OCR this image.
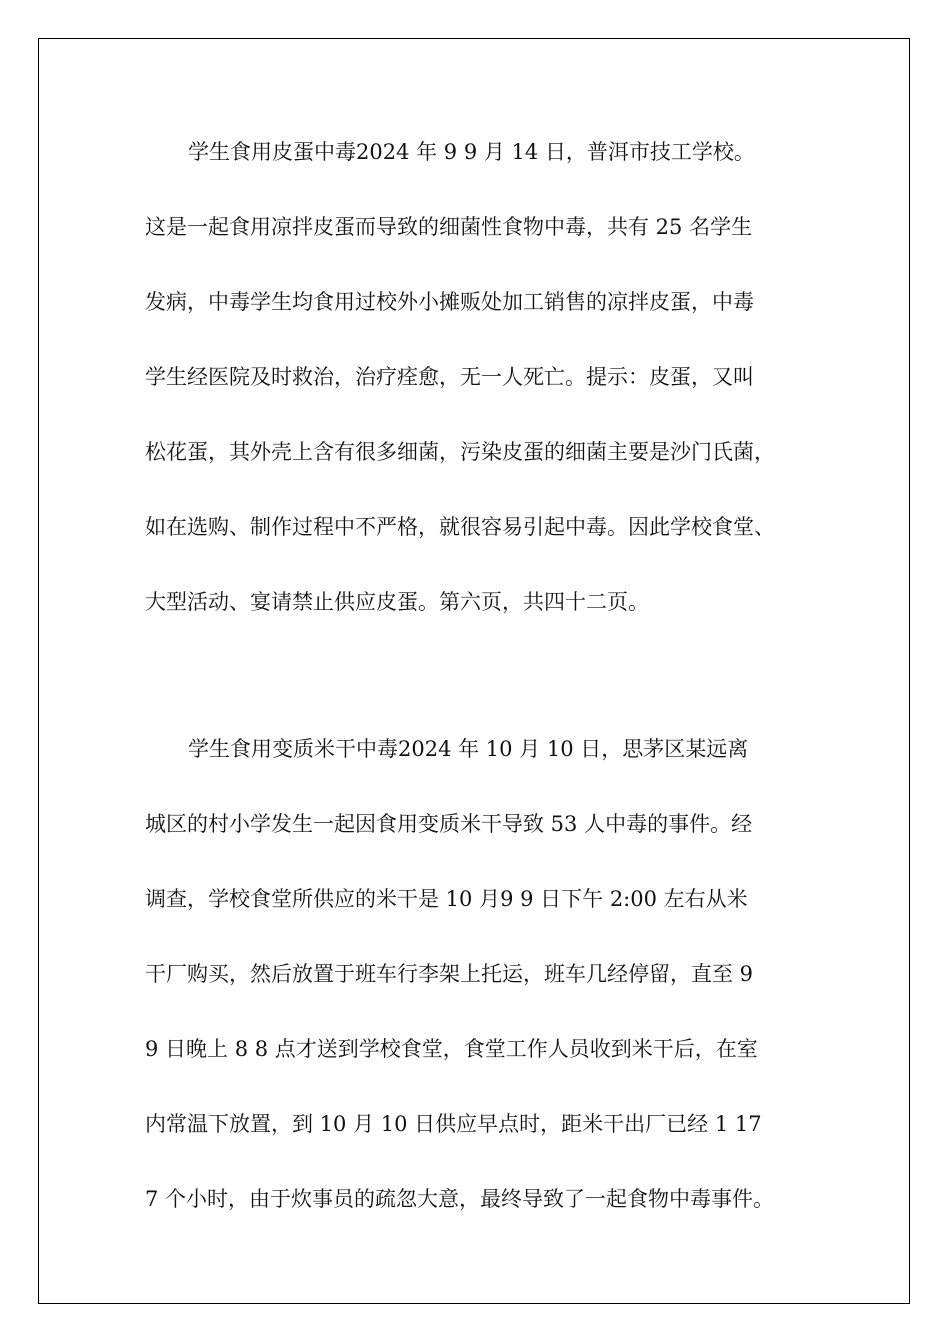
学生食用皮蛋中毒2024 年 9 9 月 14 日，普洱市技工学校。
这是一起食用凉拌皮蛋而导致的细菌性食物中毒，共有 25 名学生
发病，中毒学生均食用过校外小摊贩处加工销售的凉拌皮蛋，中毒
学生经医院及时救治，治疗痊愈，无一人死亡。提示：皮蛋，又叫
松花蛋，其外壳上含有很多细菌，污染皮蛋的细菌主要是沙门氏菌，
如在选购、制作过程中不严格，就很容易引起中毒。因此学校食堂、
大型活动、宴请禁止供应皮蛋。第六页，共四十二页。
学生食用变质米干中毒2024 年 10 月 10 日，思茅区某远离
城区的村小学发生一起因食用变质米干导致 53 人中毒的事件。经
调查，学校食堂所供应的米干是 10 月9 9 日下午 2:00 左右从米
干厂购买，然后放置于班车行李架上托运，班车几经停留，直至 9
9 日晚上 8 8 点才送到学校食堂，食堂工作人员收到米干后，在室
内常温下放置，到 10 月 10 日供应早点时，距米干出厂已经 1 17
7 个小时，由于炊事员的疏忽大意，最终导致了一起食物中毒事件。
